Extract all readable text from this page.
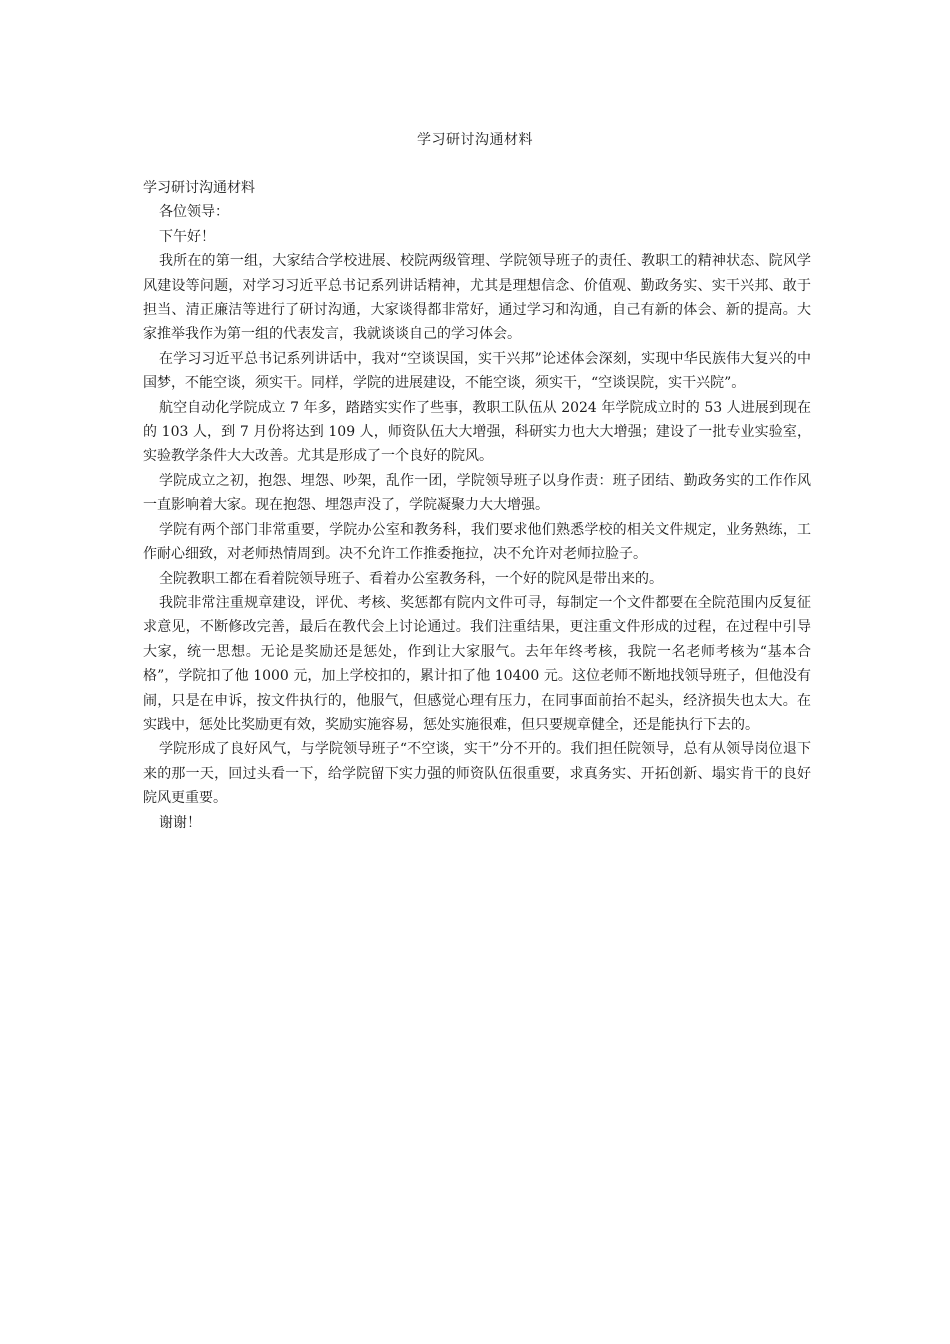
学习研讨沟通材料

学习研讨沟通材料

各位领导：

下午好！

我所在的第一组，大家结合学校进展、校院两级管理、学院领导班子的责任、教职工的精神状态、院风学风建设等问题，对学习习近平总书记系列讲话精神，尤其是理想信念、价值观、勤政务实、实干兴邦、敢于担当、清正廉洁等进行了研讨沟通，大家谈得都非常好，通过学习和沟通，自己有新的体会、新的提高。大家推举我作为第一组的代表发言，我就谈谈自己的学习体会。

在学习习近平总书记系列讲话中，我对“空谈误国，实干兴邦”论述体会深刻，实现中华民族伟大复兴的中国梦，不能空谈，须实干。同样，学院的进展建设，不能空谈，须实干，“空谈误院，实干兴院”。

航空自动化学院成立 7 年多，踏踏实实作了些事，教职工队伍从 2024 年学院成立时的 53 人进展到现在的 103 人，到 7 月份将达到 109 人，师资队伍大大增强，科研实力也大大增强；建设了一批专业实验室，实验教学条件大大改善。尤其是形成了一个良好的院风。

学院成立之初，抱怨、埋怨、吵架，乱作一团，学院领导班子以身作责：班子团结、勤政务实的工作作风一直影响着大家。现在抱怨、埋怨声没了，学院凝聚力大大增强。

学院有两个部门非常重要，学院办公室和教务科，我们要求他们熟悉学校的相关文件规定，业务熟练，工作耐心细致，对老师热情周到。决不允许工作推委拖拉，决不允许对老师拉脸子。

全院教职工都在看着院领导班子、看着办公室教务科，一个好的院风是带出来的。

我院非常注重规章建设，评优、考核、奖惩都有院内文件可寻，每制定一个文件都要在全院范围内反复征求意见，不断修改完善，最后在教代会上讨论通过。我们注重结果，更注重文件形成的过程，在过程中引导大家，统一思想。无论是奖励还是惩处，作到让大家服气。去年年终考核，我院一名老师考核为“基本合格”，学院扣了他 1000 元，加上学校扣的，累计扣了他 10400 元。这位老师不断地找领导班子，但他没有闹，只是在申诉，按文件执行的，他服气，但感觉心理有压力，在同事面前抬不起头，经济损失也太大。在实践中，惩处比奖励更有效，奖励实施容易，惩处实施很难，但只要规章健全，还是能执行下去的。

学院形成了良好风气，与学院领导班子“不空谈，实干”分不开的。我们担任院领导，总有从领导岗位退下来的那一天，回过头看一下，给学院留下实力强的师资队伍很重要，求真务实、开拓创新、塌实肯干的良好院风更重要。

谢谢！
